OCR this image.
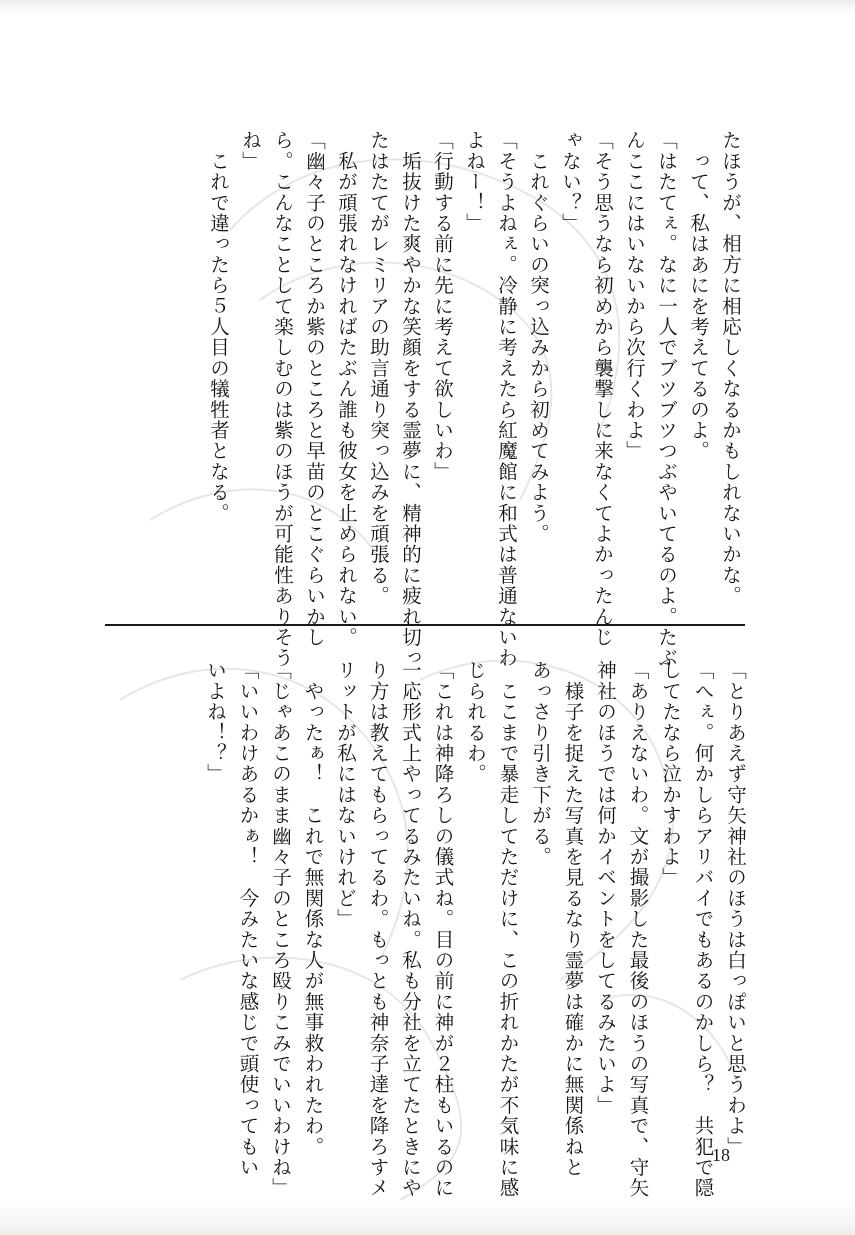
たほうが、相方に相応しくなるかもしれないかな。

　って、私はあにを考えてるのよ。

「はたてぇ。なに一人でブツブツつぶやいてるのよ。たぶ

んここにはいないから次行くわよ」

「そう思うなら初めから襲撃しに来なくてよかったんじ

ゃない？」

　これぐらいの突っ込みから初めてみよう。

「そうよねぇ。冷静に考えたら紅魔館に和式は普通ないわ

よねー！」

「行動する前に先に考えて欲しいわ」

　垢抜けた爽やかな笑顔をする霊夢に、精神的に疲れ切っ

たはたてがレミリアの助言通り突っ込みを頑張る。

　私が頑張れなければたぶん誰も彼女を止められない。

「幽々子のところか紫のところと早苗のとこぐらいかし

ら。こんなことして楽しむのは紫のほうが可能性ありそう

ね」

　これで違ったら５人目の犠牲者となる。

「とりあえず守矢神社のほうは白っぽいと思うわよ」

「へぇ。何かしらアリバイでもあるのかしら？　共犯で隠

してたなら泣かすわよ」

「ありえないわ。文が撮影した最後のほうの写真で、守矢

神社のほうでは何かイベントをしてるみたいよ」

　様子を捉えた写真を見るなり霊夢は確かに無関係ねと

あっさり引き下がる。

　ここまで暴走してただけに、この折れかたが不気味に感

じられるわ。

「これは神降ろしの儀式ね。目の前に神が２柱もいるのに

一応形式上やってるみたいね。私も分社を立てたときにや

り方は教えてもらってるわ。もっとも神奈子達を降ろすメ

リットが私にはないけれど」

　やったぁ！　これで無関係な人が無事救われたわ。

「じゃあこのまま幽々子のところ殴りこみでいいわけね」

「いいわけあるかぁ！　今みたいな感じで頭使ってもい

いよね！？」

18
